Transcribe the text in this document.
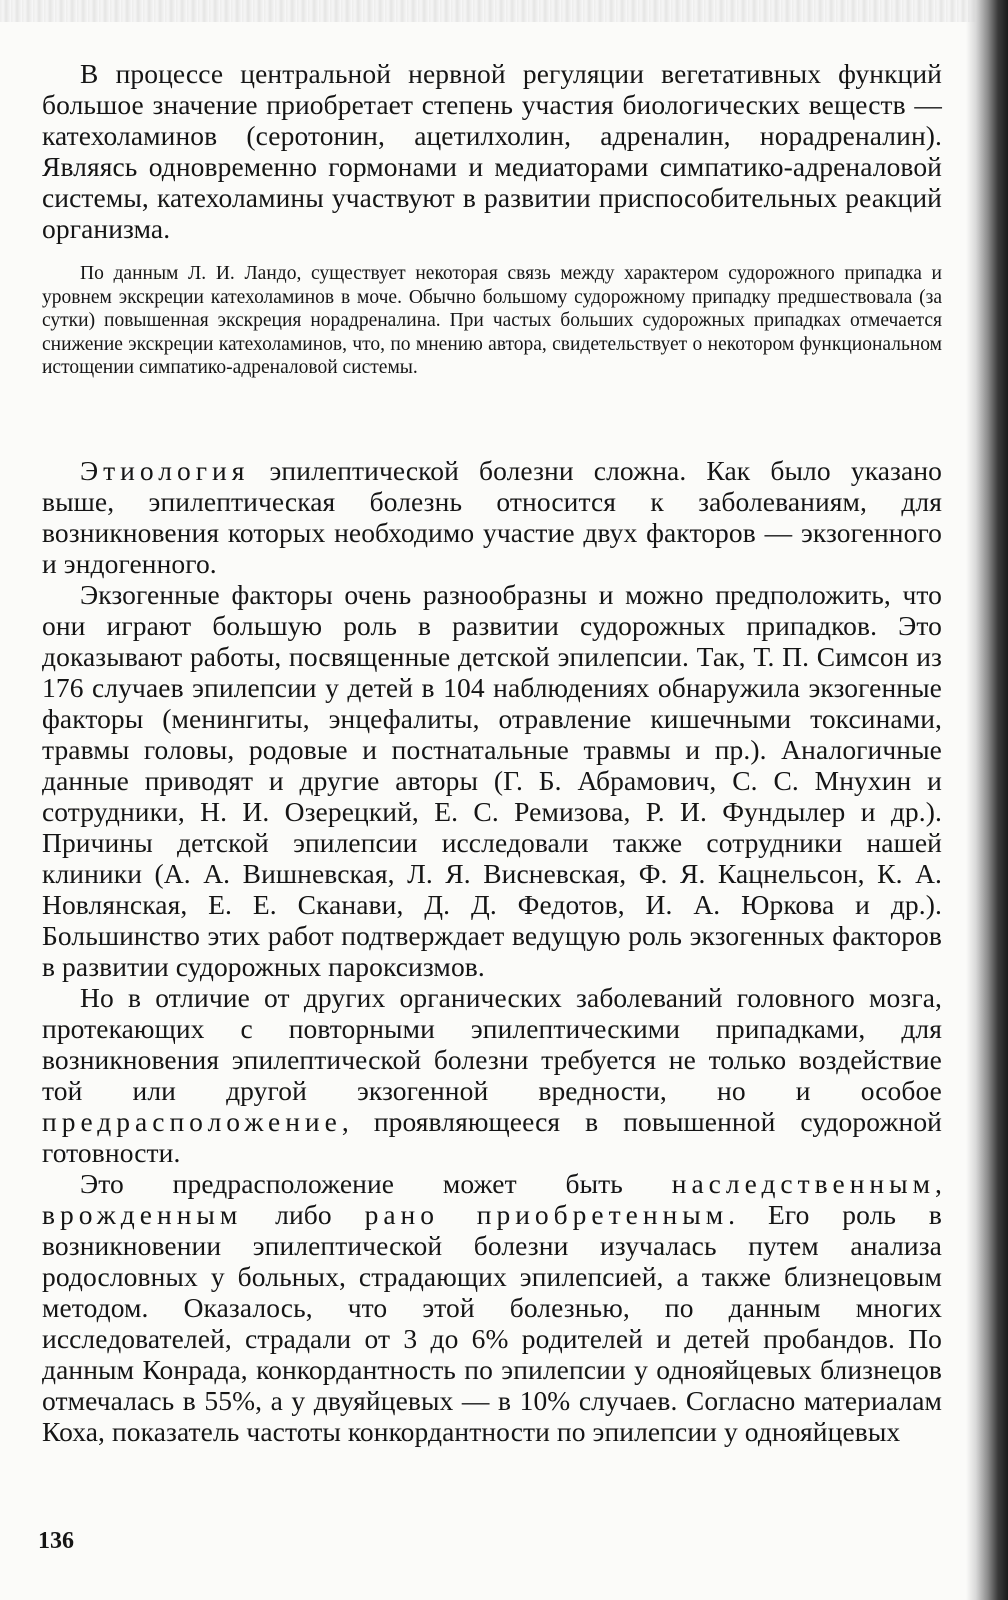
В процессе центральной нервной регуляции вегетативных функций большое значение приобретает степень участия биологических веществ — катехоламинов (серотонин, ацетилхолин, адреналин, норадреналин). Являясь одновременно гормонами и медиаторами симпатико-адреналовой системы, катехоламины участвуют в развитии приспособительных реакций организма.

По данным Л. И. Ландо, существует некоторая связь между характером судорожного припадка и уровнем экскреции катехоламинов в моче. Обычно большому судорожному припадку предшествовала (за сутки) повышенная экскреция норадреналина. При частых больших судорожных припадках отмечается снижение экскреции катехоламинов, что, по мнению автора, свидетельствует о некотором функциональном истощении симпатико-адреналовой системы.

Этиология эпилептической болезни сложна. Как было указано выше, эпилептическая болезнь относится к заболеваниям, для возникновения которых необходимо участие двух факторов — экзогенного и эндогенного.

Экзогенные факторы очень разнообразны и можно предположить, что они играют большую роль в развитии судорожных припадков. Это доказывают работы, посвященные детской эпилепсии. Так, Т. П. Симсон из 176 случаев эпилепсии у детей в 104 наблюдениях обнаружила экзогенные факторы (менингиты, энцефалиты, отравление кишечными токсинами, травмы головы, родовые и постнатальные травмы и пр.). Аналогичные данные приводят и другие авторы (Г. Б. Абрамович, С. С. Мнухин и сотрудники, Н. И. Озерецкий, Е. С. Ремизова, Р. И. Фундылер и др.). Причины детской эпилепсии исследовали также сотрудники нашей клиники (А. А. Вишневская, Л. Я. Висневская, Ф. Я. Кацнельсон, К. А. Новлянская, Е. Е. Сканави, Д. Д. Федотов, И. А. Юркова и др.). Большинство этих работ подтверждает ведущую роль экзогенных факторов в развитии судорожных пароксизмов.

Но в отличие от других органических заболеваний головного мозга, протекающих с повторными эпилептическими припадками, для возникновения эпилептической болезни требуется не только воздействие той или другой экзогенной вредности, но и особое предрасположение, проявляющееся в повышенной судорожной готовности.

Это предрасположение может быть наследственным, врожденным либо рано приобретенным. Его роль в возникновении эпилептической болезни изучалась путем анализа родословных у больных, страдающих эпилепсией, а также близнецовым методом. Оказалось, что этой болезнью, по данным многих исследователей, страдали от 3 до 6% родителей и детей пробандов. По данным Конрада, конкордантность по эпилепсии у однояйцевых близнецов отмечалась в 55%, а у двуяйцевых — в 10% случаев. Согласно материалам Коха, показатель частоты конкордантности по эпилепсии у однояйцевых

136
